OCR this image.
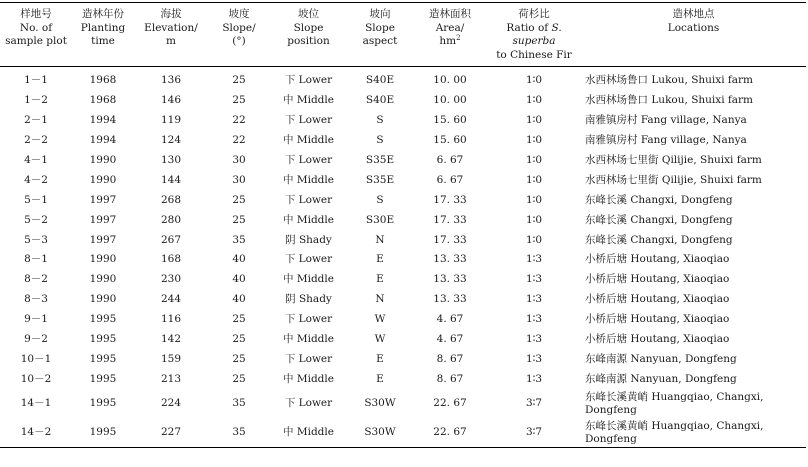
样地号
No. of
sample plot	造林年份
Planting
time	海拔
Elevation/
m	坡度
Slope/
(°)	坡位
Slope
position	坡向
Slope
aspect	造林面积
Area/
$hm^2$	荷杉比
Ratio of S. superba
to Chinese Fir	造林地点
Locations

1－1	1968	136	25	下 Lower	S40E	10. 00	1∶0	水西林场鲁口 Lukou, Shuixi farm
1－2	1968	146	25	中 Middle	S40E	10. 00	1∶0	水西林场鲁口 Lukou, Shuixi farm
2－1	1994	119	22	下 Lower	S	15. 60	1∶0	南雅镇房村 Fang village, Nanya
2－2	1994	124	22	中 Middle	S	15. 60	1∶0	南雅镇房村 Fang village, Nanya
4－1	1990	130	30	下 Lower	S35E	6. 67	1∶0	水西林场七里街 Qilijie, Shuixi farm
4－2	1990	144	30	中 Middle	S35E	6. 67	1∶0	水西林场七里街 Qilijie, Shuixi farm
5－1	1997	268	25	下 Lower	S	17. 33	1∶0	东峰长溪 Changxi, Dongfeng
5－2	1997	280	25	中 Middle	S30E	17. 33	1∶0	东峰长溪 Changxi, Dongfeng
5－3	1997	267	35	阴 Shady	N	17. 33	1∶0	东峰长溪 Changxi, Dongfeng
8－1	1990	168	40	下 Lower	E	13. 33	1∶3	小桥后塘 Houtang, Xiaoqiao
8－2	1990	230	40	中 Middle	E	13. 33	1∶3	小桥后塘 Houtang, Xiaoqiao
8－3	1990	244	40	阴 Shady	N	13. 33	1∶3	小桥后塘 Houtang, Xiaoqiao
9－1	1995	116	25	下 Lower	W	4. 67	1∶3	小桥后塘 Houtang, Xiaoqiao
9－2	1995	142	25	中 Middle	W	4. 67	1∶3	小桥后塘 Houtang, Xiaoqiao
10－1	1995	159	25	下 Lower	E	8. 67	1∶3	东峰南源 Nanyuan, Dongfeng
10－2	1995	213	25	中 Middle	E	8. 67	1∶3	东峰南源 Nanyuan, Dongfeng
14－1	1995	224	35	下 Lower	S30W	22. 67	3∶7	东峰长溪黄峭 Huangqiao, Changxi, Dongfeng
14－2	1995	227	35	中 Middle	S30W	22. 67	3∶7	东峰长溪黄峭 Huangqiao, Changxi, Dongfeng
